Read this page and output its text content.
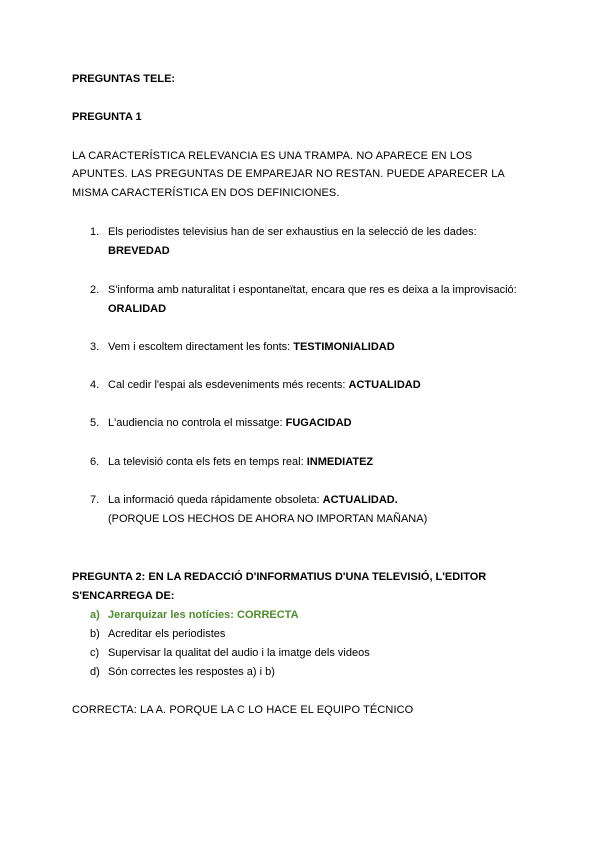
PREGUNTAS TELE:
PREGUNTA 1
LA CARACTERÍSTICA RELEVANCIA ES UNA TRAMPA. NO APARECE EN LOS
APUNTES. LAS PREGUNTAS DE EMPAREJAR NO RESTAN. PUEDE APARECER LA
MISMA CARACTERÍSTICA EN DOS DEFINICIONES.
1. Els periodistes televisius han de ser exhaustius en la selecció de les dades:
BREVEDAD
2. S'informa amb naturalitat i espontaneïtat, encara que res es deixa a la improvisació:
ORALIDAD
3. Vem i escoltem directament les fonts: TESTIMONIALIDAD
4. Cal cedir l'espai als esdeveniments més recents: ACTUALIDAD
5. L'audiencia no controla el missatge: FUGACIDAD
6. La televisió conta els fets en temps real: INMEDIATEZ
7. La informació queda rápidamente obsoleta: ACTUALIDAD.
(PORQUE LOS HECHOS DE AHORA NO IMPORTAN MAÑANA)
PREGUNTA 2: EN LA REDACCIÓ D'INFORMATIUS D'UNA TELEVISIÓ, L'EDITOR
S'ENCARREGA DE:
a) Jerarquizar les notícies: CORRECTA
b) Acreditar els periodistes
c) Supervisar la qualitat del audio i la imatge dels videos
d) Són correctes les respostes a) i b)
CORRECTA: LA A. PORQUE LA C LO HACE EL EQUIPO TÉCNICO
